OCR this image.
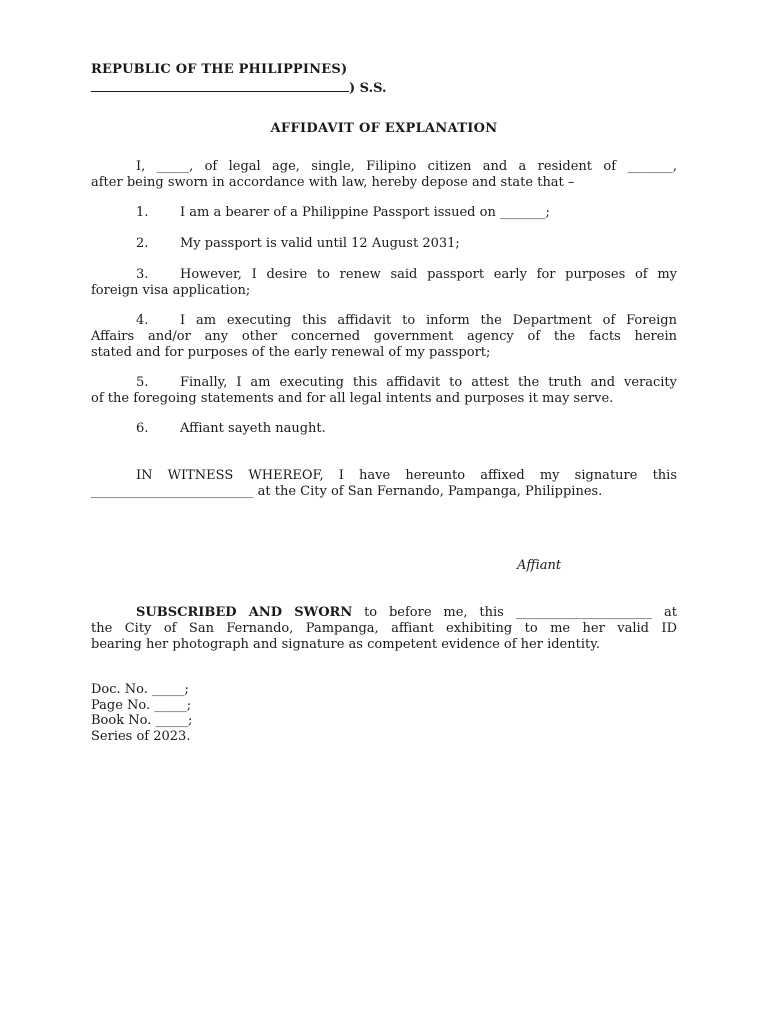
REPUBLIC OF THE PHILIPPINES)
) S.S.
AFFIDAVIT OF EXPLANATION
I, _____, of legal age, single, Filipino citizen and a resident of _______,
after being sworn in accordance with law, hereby depose and state that –
1. I am a bearer of a Philippine Passport issued on _______;
2. My passport is valid until 12 August 2031;
3. However, I desire to renew said passport early for purposes of my
foreign visa application;
4. I am executing this affidavit to inform the Department of Foreign
Affairs and/or any other concerned government agency of the facts herein
stated and for purposes of the early renewal of my passport;
5. Finally, I am executing this affidavit to attest the truth and veracity
of the foregoing statements and for all legal intents and purposes it may serve.
6. Affiant sayeth naught.
IN WITNESS WHEREOF, I have hereunto affixed my signature this
_________________________ at the City of San Fernando, Pampanga, Philippines.
Affiant
SUBSCRIBED AND SWORN to before me, this _____________________ at
the City of San Fernando, Pampanga, affiant exhibiting to me her valid ID
bearing her photograph and signature as competent evidence of her identity.
Doc. No. _____;
Page No. _____;
Book No. _____;
Series of 2023.
